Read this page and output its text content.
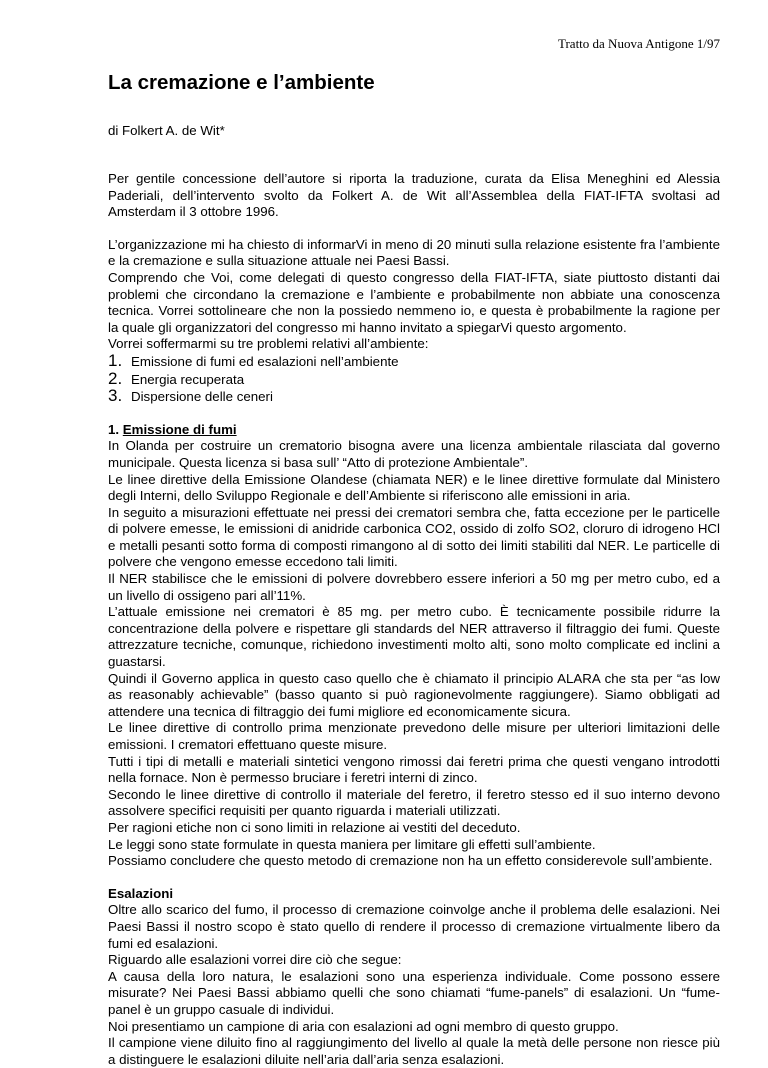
Tratto da Nuova Antigone 1/97
La cremazione e l’ambiente

di Folkert A. de Wit*

Per gentile concessione dell’autore si riporta la traduzione, curata da Elisa Meneghini ed Alessia Paderiali, dell’intervento svolto da Folkert A. de Wit all’Assemblea della FIAT-IFTA svoltasi ad Amsterdam il 3 ottobre 1996.

L’organizzazione mi ha chiesto di informarVi in meno di 20 minuti sulla relazione esistente fra l’ambiente e la cremazione e sulla situazione attuale nei Paesi Bassi.

Comprendo che Voi, come delegati di questo congresso della FIAT-IFTA, siate piuttosto distanti dai problemi che circondano la cremazione e l’ambiente e probabilmente non abbiate una conoscenza tecnica. Vorrei sottolineare che non la possiedo nemmeno io, e questa è probabilmente la ragione per la quale gli organizzatori del congresso mi hanno invitato a spiegarVi questo argomento.

Vorrei soffermarmi su tre problemi relativi all’ambiente:

1. Emissione di fumi ed esalazioni nell’ambiente
2. Energia recuperata
3. Dispersione delle ceneri

1. Emissione di fumi

In Olanda per costruire un crematorio bisogna avere una licenza ambientale rilasciata dal governo municipale. Questa licenza si basa sull’ “Atto di protezione Ambientale”.

Le linee direttive della Emissione Olandese (chiamata NER) e le linee direttive formulate dal Ministero degli Interni, dello Sviluppo Regionale e dell’Ambiente si riferiscono alle emissioni in aria.

In seguito a misurazioni effettuate nei pressi dei crematori sembra che, fatta eccezione per le particelle di polvere emesse, le emissioni di anidride carbonica CO2, ossido di zolfo SO2, cloruro di idrogeno HCl e metalli pesanti sotto forma di composti rimangono al di sotto dei limiti stabiliti dal NER. Le particelle di polvere che vengono emesse eccedono tali limiti.

Il NER stabilisce che le emissioni di polvere dovrebbero essere inferiori a 50 mg per metro cubo, ed a un livello di ossigeno pari all’11%.

L’attuale emissione nei crematori è 85 mg. per metro cubo. È tecnicamente possibile ridurre la concentrazione della polvere e rispettare gli standards del NER attraverso il filtraggio dei fumi. Queste attrezzature tecniche, comunque, richiedono investimenti molto alti, sono molto complicate ed inclini a guastarsi.

Quindi il Governo applica in questo caso quello che è chiamato il principio ALARA che sta per “as low as reasonably achievable” (basso quanto si può ragionevolmente raggiungere). Siamo obbligati ad attendere una tecnica di filtraggio dei fumi migliore ed economicamente sicura.

Le linee direttive di controllo prima menzionate prevedono delle misure per ulteriori limitazioni delle emissioni. I crematori effettuano queste misure.

Tutti i tipi di metalli e materiali sintetici vengono rimossi dai feretri prima che questi vengano introdotti nella fornace. Non è permesso bruciare i feretri interni di zinco.

Secondo le linee direttive di controllo il materiale del feretro, il feretro stesso ed il suo interno devono assolvere specifici requisiti per quanto riguarda i materiali utilizzati.

Per ragioni etiche non ci sono limiti in relazione ai vestiti del deceduto.

Le leggi sono state formulate in questa maniera per limitare gli effetti sull’ambiente.

Possiamo concludere che questo metodo di cremazione non ha un effetto considerevole sull’ambiente.

Esalazioni

Oltre allo scarico del fumo, il processo di cremazione coinvolge anche il problema delle esalazioni. Nei Paesi Bassi il nostro scopo è stato quello di rendere il processo di cremazione virtualmente libero da fumi ed esalazioni.

Riguardo alle esalazioni vorrei dire ciò che segue:

A causa della loro natura, le esalazioni sono una esperienza individuale. Come possono essere misurate? Nei Paesi Bassi abbiamo quelli che sono chiamati “fume-panels” di esalazioni. Un “fume-panel è un gruppo casuale di individui.

Noi presentiamo un campione di aria con esalazioni ad ogni membro di questo gruppo.

Il campione viene diluito fino al raggiungimento del livello al quale la metà delle persone non riesce più a distinguere le esalazioni diluite nell’aria dall’aria senza esalazioni.
